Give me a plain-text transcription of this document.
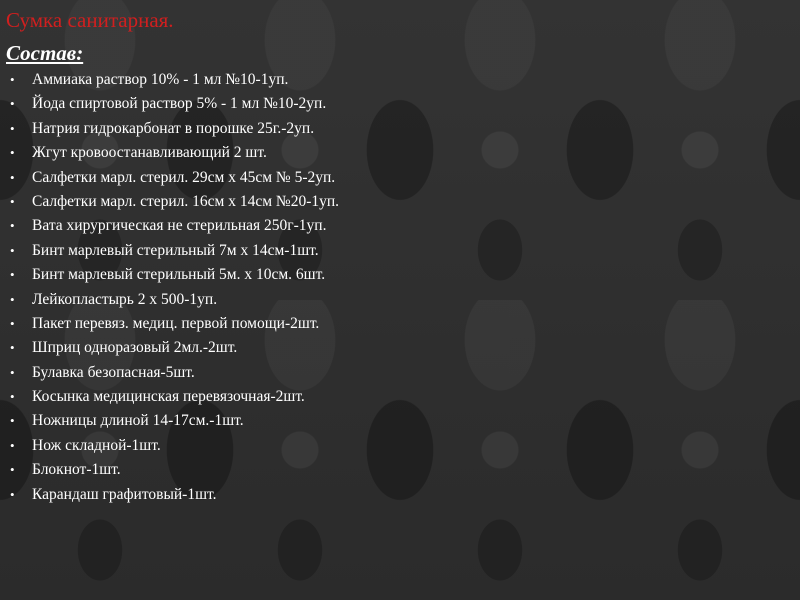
Сумка санитарная.
Состав:
• Аммиака раствор 10% - 1 мл №10-1уп.
• Йода спиртовой раствор 5% - 1 мл №10-2уп.
• Натрия гидрокарбонат в порошке 25г.-2уп.
• Жгут кровоостанавливающий 2 шт.
• Салфетки марл. стерил. 29см x 45см № 5-2уп.
• Салфетки марл. стерил. 16см x 14см №20-1уп.
• Вата хирургическая не стерильная 250г-1уп.
• Бинт марлевый стерильный 7м x 14см-1шт.
• Бинт марлевый стерильный 5м. x 10см. 6шт.
• Лейкопластырь 2 x 500-1уп.
• Пакет перевяз. медиц. первой помощи-2шт.
• Шприц одноразовый 2мл.-2шт.
• Булавка безопасная-5шт.
• Косынка медицинская перевязочная-2шт.
• Ножницы длиной 14-17см.-1шт.
• Нож складной-1шт.
• Блокнот-1шт.
• Карандаш графитовый-1шт.
